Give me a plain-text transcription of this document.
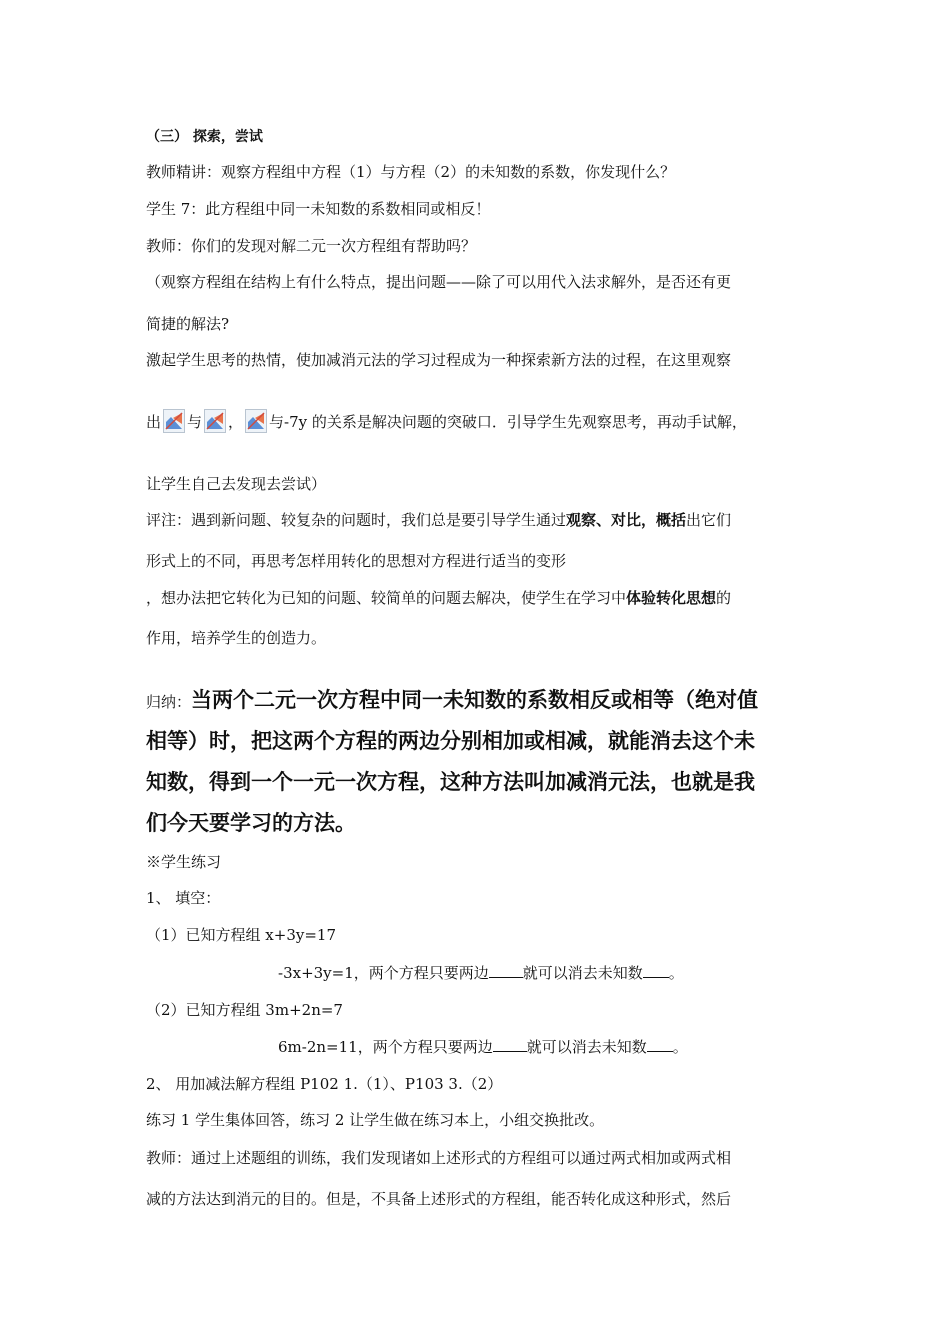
（三） 探索，尝试
教师精讲：观察方程组中方程（1）与方程（2）的未知数的系数，你发现什么？
学生 7：此方程组中同一未知数的系数相同或相反！
教师：你们的发现对解二元一次方程组有帮助吗？
（观察方程组在结构上有什么特点，提出问题——除了可以用代入法求解外，是否还有更
简捷的解法?
激起学生思考的热情，使加减消元法的学习过程成为一种探索新方法的过程，在这里观察
出 与 ， 与-7y 的关系是解决问题的突破口．引导学生先观察思考，再动手试解，
让学生自己去发现去尝试）
评注：遇到新问题、较复杂的问题时，我们总是要引导学生通过观察、对比，概括出它们
形式上的不同，再思考怎样用转化的思想对方程进行适当的变形
，想办法把它转化为已知的问题、较简单的问题去解决，使学生在学习中体验转化思想的
作用，培养学生的创造力。
归纳：当两个二元一次方程中同一未知数的系数相反或相等（绝对值
相等）时，把这两个方程的两边分别相加或相减，就能消去这个未
知数，得到一个一元一次方程，这种方法叫加减消元法，也就是我
们今天要学习的方法。
※学生练习
1、 填空：
（1）已知方程组 x+3y=17
-3x+3y=1，两个方程只要两边 就可以消去未知数 。
（2）已知方程组 3m+2n=7
6m-2n=11，两个方程只要两边 就可以消去未知数 。
2、 用加减法解方程组 P102 1.（1）、P103 3.（2）
练习 1 学生集体回答，练习 2 让学生做在练习本上，小组交换批改。
教师：通过上述题组的训练，我们发现诸如上述形式的方程组可以通过两式相加或两式相
减的方法达到消元的目的。但是，不具备上述形式的方程组，能否转化成这种形式，然后
